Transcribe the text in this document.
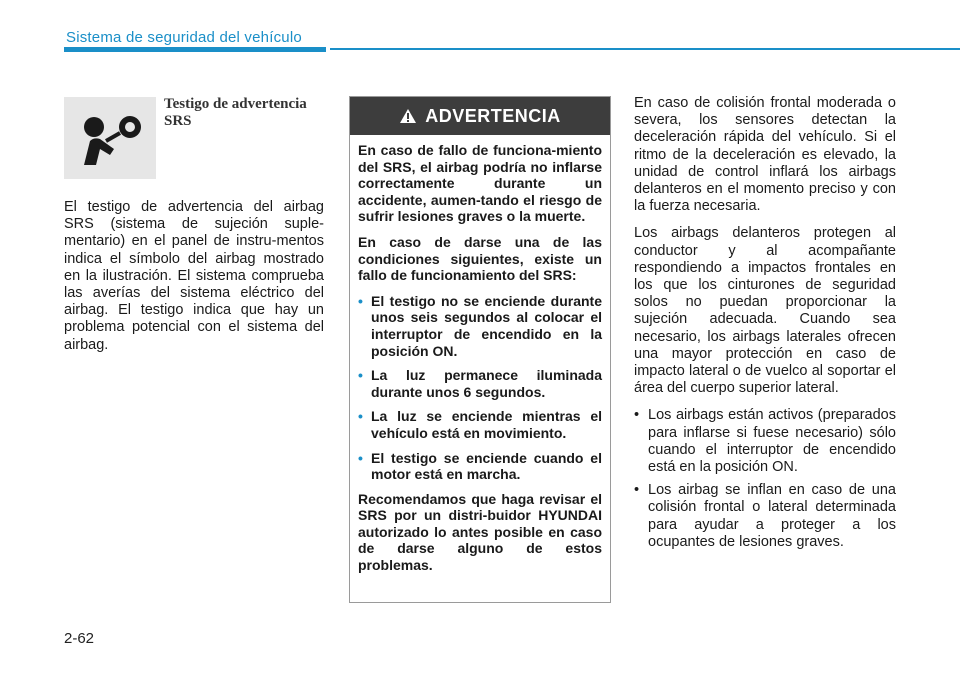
Sistema de seguridad del vehículo
Testigo de advertencia
SRS
El testigo de advertencia del airbag SRS (sistema de sujeción suple-mentario) en el panel de instru-mentos indica el símbolo del airbag mostrado en la ilustración. El sistema comprueba las averías del sistema eléctrico del airbag. El testigo indica que hay un problema potencial con el sistema del airbag.
ADVERTENCIA

En caso de fallo de funciona-miento del SRS, el airbag podría no inflarse correctamente durante un accidente, aumen-tando el riesgo de sufrir lesiones graves o la muerte.

En caso de darse una de las condiciones siguientes, existe un fallo de funcionamiento del SRS:

• El testigo no se enciende durante unos seis segundos al colocar el interruptor de encendido en la posición ON.
• La luz permanece iluminada durante unos 6 segundos.
• La luz se enciende mientras el vehículo está en movimiento.
• El testigo se enciende cuando el motor está en marcha.

Recomendamos que haga revisar el SRS por un distri-buidor HYUNDAI autorizado lo antes posible en caso de darse alguno de estos problemas.

En caso de colisión frontal moderada o severa, los sensores detectan la deceleración rápida del vehículo. Si el ritmo de la deceleración es elevado, la unidad de control inflará los airbags delanteros en el momento preciso y con la fuerza necesaria.

Los airbags delanteros protegen al conductor y al acompañante respondiendo a impactos frontales en los que los cinturones de seguridad solos no puedan proporcionar la sujeción adecuada. Cuando sea necesario, los airbags laterales ofrecen una mayor protección en caso de impacto lateral o de vuelco al soportar el área del cuerpo superior lateral.

• Los airbags están activos (preparados para inflarse si fuese necesario) sólo cuando el interruptor de encendido está en la posición ON.
• Los airbag se inflan en caso de una colisión frontal o lateral determinada para ayudar a proteger a los ocupantes de lesiones graves.
2-62
